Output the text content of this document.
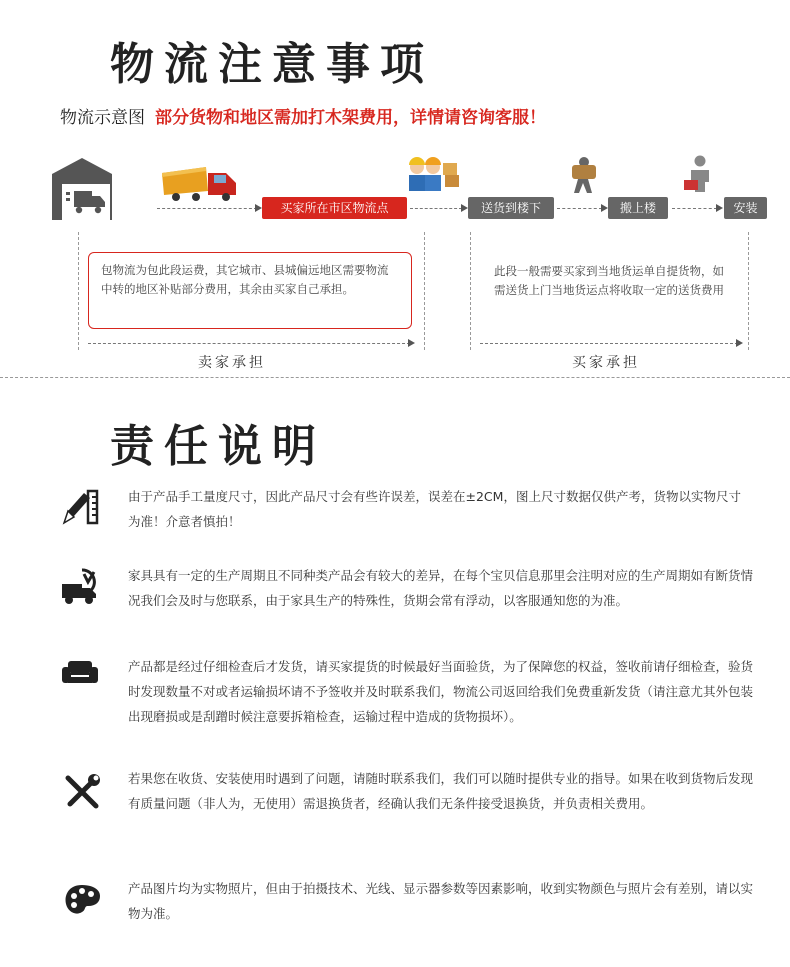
物流注意事项
物流示意图 部分货物和地区需加打木架费用，详情请咨询客服！
买家所在市区物流点	送货到楼下	搬上楼	安装
包物流为包此段运费，其它城市、县城偏远地区需要物流中转的地区补贴部分费用，其余由买家自己承担。
此段一般需要买家到当地货运单自提货物，如需送货上门当地货运点将收取一定的送货费用
卖家承担	买家承担
责任说明
由于产品手工量度尺寸，因此产品尺寸会有些许误差，误差在±2CM，图上尺寸数据仅供产考，货物以实物尺寸为准！介意者慎拍！
家具具有一定的生产周期且不同种类产品会有较大的差异，在每个宝贝信息那里会注明对应的生产周期如有断货情况我们会及时与您联系，由于家具生产的特殊性，货期会常有浮动，以客服通知您的为准。
产品都是经过仔细检查后才发货，请买家提货的时候最好当面验货，为了保障您的权益，签收前请仔细检查，验货时发现数量不对或者运输损坏请不予签收并及时联系我们，物流公司返回给我们免费重新发货（请注意尤其外包装出现磨损或是刮蹭时候注意要拆箱检查，运输过程中造成的货物损坏）。
若果您在收货、安装使用时遇到了问题，请随时联系我们，我们可以随时提供专业的指导。如果在收到货物后发现有质量问题（非人为，无使用）需退换货者，经确认我们无条件接受退换货，并负责相关费用。
产品图片均为实物照片，但由于拍摄技术、光线、显示器参数等因素影响，收到实物颜色与照片会有差别，请以实物为准。
